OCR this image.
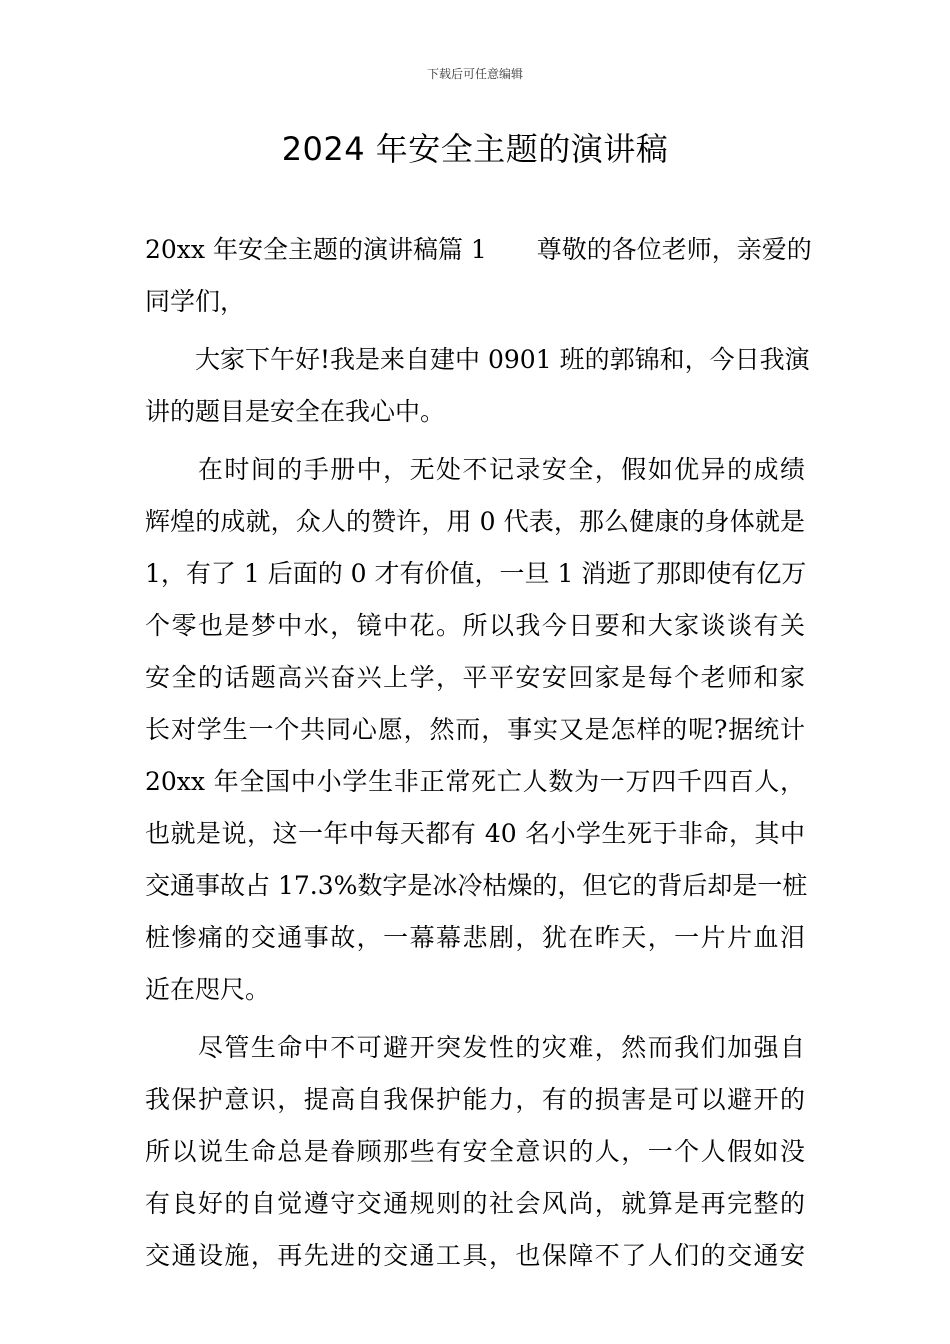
下载后可任意编辑
2024 年安全主题的演讲稿
20xx 年安全主题的演讲稿篇 1　　尊敬的各位老师，亲爱的
同学们，
　　大家下午好!我是来自建中 0901 班的郭锦和，今日我演
讲的题目是安全在我心中。
　　在时间的手册中，无处不记录安全，假如优异的成绩
辉煌的成就，众人的赞许，用 0 代表，那么健康的身体就是
1，有了 1 后面的 0 才有价值，一旦 1 消逝了那即使有亿万
个零也是梦中水，镜中花。所以我今日要和大家谈谈有关
安全的话题高兴奋兴上学，平平安安回家是每个老师和家
长对学生一个共同心愿，然而，事实又是怎样的呢?据统计
20xx 年全国中小学生非正常死亡人数为一万四千四百人，
也就是说，这一年中每天都有 40 名小学生死于非命，其中
交通事故占 17.3%数字是冰冷枯燥的，但它的背后却是一桩
桩惨痛的交通事故，一幕幕悲剧，犹在昨天，一片片血泪
近在咫尺。
　　尽管生命中不可避开突发性的灾难，然而我们加强自
我保护意识，提高自我保护能力，有的损害是可以避开的
所以说生命总是眷顾那些有安全意识的人，一个人假如没
有良好的自觉遵守交通规则的社会风尚，就算是再完整的
交通设施，再先进的交通工具，也保障不了人们的交通安
